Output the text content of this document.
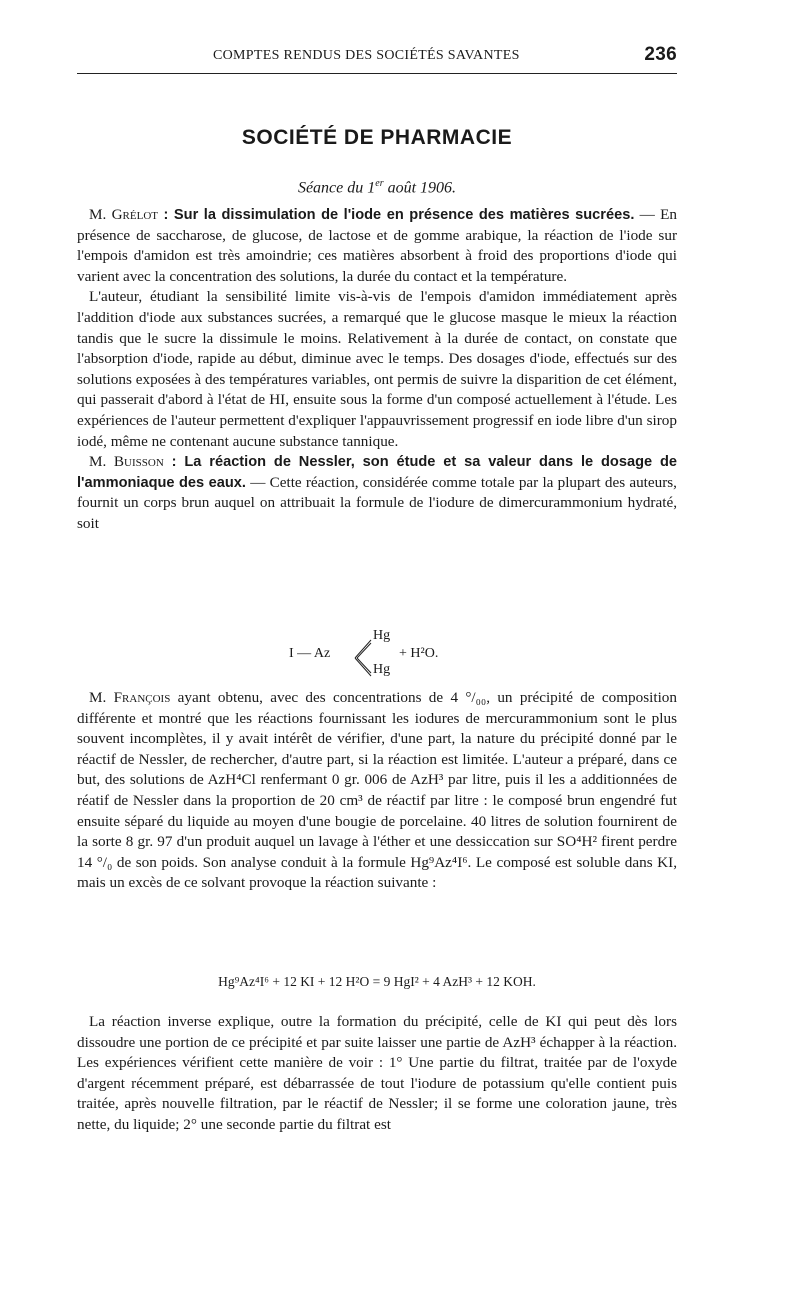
COMPTES RENDUS DES SOCIÉTÉS SAVANTES	236
SOCIÉTÉ DE PHARMACIE
Séance du 1er août 1906.

M. Grélot : Sur la dissimulation de l'iode en présence des matières sucrées. — En présence de saccharose, de glucose, de lactose et de gomme arabique, la réaction de l'iode sur l'empois d'amidon est très amoindrie; ces matières absorbent à froid des proportions d'iode qui varient avec la concentration des solutions, la durée du contact et la température.

L'auteur, étudiant la sensibilité limite vis-à-vis de l'empois d'amidon immédiatement après l'addition d'iode aux substances sucrées, a remarqué que le glucose masque le mieux la réaction tandis que le sucre la dissimule le moins. Relativement à la durée de contact, on constate que l'absorption d'iode, rapide au début, diminue avec le temps. Des dosages d'iode, effectués sur des solutions exposées à des températures variables, ont permis de suivre la disparition de cet élément, qui passerait d'abord à l'état de HI, ensuite sous la forme d'un composé actuellement à l'étude. Les expériences de l'auteur permettent d'expliquer l'appauvrissement progressif en iode libre d'un sirop iodé, même ne contenant aucune substance tannique.

M. Buisson : La réaction de Nessler, son étude et sa valeur dans le dosage de l'ammoniaque des eaux. — Cette réaction, considérée comme totale par la plupart des auteurs, fournit un corps brun auquel on attribuait la formule de l'iodure de dimercurammonium hydraté, soit

I — Az
Hg
Hg
+ H²O.

M. François ayant obtenu, avec des concentrations de 4 °/₀₀, un précipité de composition différente et montré que les réactions fournissant les iodures de mercurammonium sont le plus souvent incomplètes, il y avait intérêt de vérifier, d'une part, la nature du précipité donné par le réactif de Nessler, de rechercher, d'autre part, si la réaction est limitée. L'auteur a préparé, dans ce but, des solutions de AzH⁴Cl renfermant 0 gr. 006 de AzH³ par litre, puis il les a additionnées de réatif de Nessler dans la proportion de 20 cm³ de réactif par litre : le composé brun engendré fut ensuite séparé du liquide au moyen d'une bougie de porcelaine. 40 litres de solution fournirent de la sorte 8 gr. 97 d'un produit auquel un lavage à l'éther et une dessiccation sur SO⁴H² firent perdre 14 °/₀ de son poids. Son analyse conduit à la formule Hg⁹Az⁴I⁶. Le composé est soluble dans KI, mais un excès de ce solvant provoque la réaction suivante :

Hg⁹Az⁴I⁶ + 12 KI + 12 H²O = 9 HgI² + 4 AzH³ + 12 KOH.

La réaction inverse explique, outre la formation du précipité, celle de KI qui peut dès lors dissoudre une portion de ce précipité et par suite laisser une partie de AzH³ échapper à la réaction. Les expériences vérifient cette manière de voir : 1° Une partie du filtrat, traitée par de l'oxyde d'argent récemment préparé, est débarrassée de tout l'iodure de potassium qu'elle contient puis traitée, après nouvelle filtration, par le réactif de Nessler; il se forme une coloration jaune, très nette, du liquide; 2° une seconde partie du filtrat est
